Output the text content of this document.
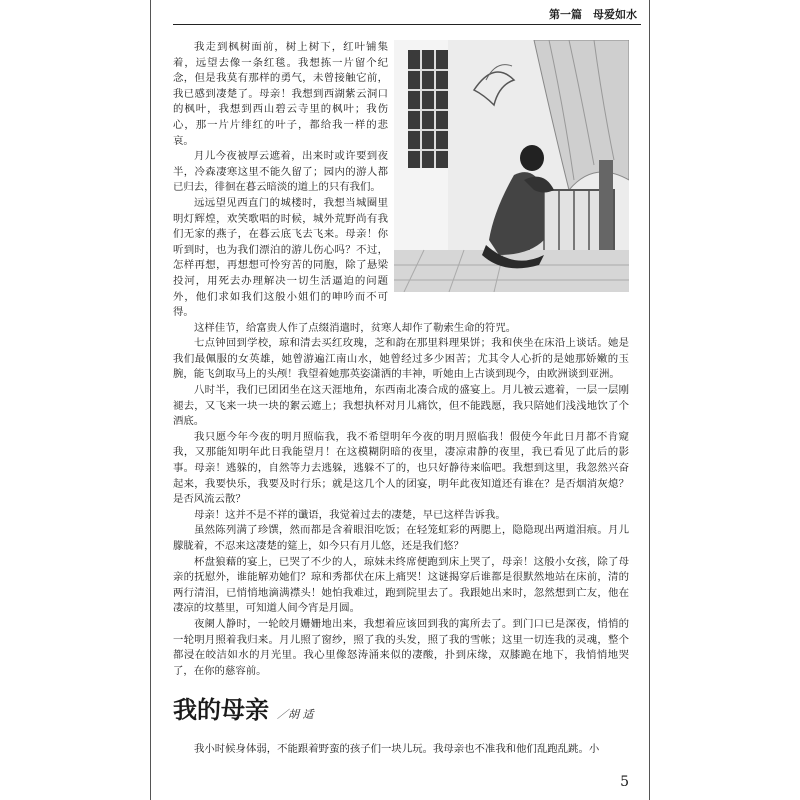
第一篇　母爱如水

我走到枫树面前，树上树下，红叶铺集着，远望去像一条红毯。我想拣一片留个纪念，但是我莫有那样的勇气，未曾接触它前，我已感到凄楚了。母亲！我想到西湖紫云洞口的枫叶，我想到西山碧云寺里的枫叶；我伤心，那一片片绯红的叶子，都给我一样的悲哀。

月儿今夜被厚云遮着，出来时或许要到夜半，冷森凄寒这里不能久留了；园内的游人都已归去，徘徊在暮云暗淡的道上的只有我们。

远远望见西直门的城楼时，我想当城圈里明灯辉煌，欢笑歌唱的时候，城外荒野尚有我们无家的燕子，在暮云底飞去飞来。母亲！你听到时，也为我们漂泊的游儿伤心吗？不过，怎样再想，再想想可怜穷苦的同胞，除了悬梁投河，用死去办理解决一切生活逼迫的问题外，他们求如我们这般小姐们的呻吟而不可得。

这样佳节，给富贵人作了点缀消遣时，贫寒人却作了勒索生命的符咒。

七点钟回到学校，琼和清去买红玫瑰，芝和韵在那里料理果饼；我和侠坐在床沿上谈话。她是我们最佩服的女英雄，她曾游遍江南山水，她曾经过多少困苦；尤其令人心折的是她那娇嫩的玉腕，能飞剑取马上的头颅！我望着她那英姿潇洒的丰神，听她由上古谈到现今，由欧洲谈到亚洲。

八时半，我们已团团坐在这天涯地角，东西南北凑合成的盛宴上。月儿被云遮着，一层一层刚褪去，又飞来一块一块的絮云遮上；我想执杯对月儿痛饮，但不能践愿，我只陪她们浅浅地饮了个酒底。

我只愿今年今夜的明月照临我，我不希望明年今夜的明月照临我！假使今年此日月都不肯窥我，又那能知明年此日我能望月！在这模糊阴暗的夜里，凄凉肃静的夜里，我已看见了此后的影事。母亲！逃躲的，自然等力去逃躲，逃躲不了的，也只好静待来临吧。我想到这里，我忽然兴奋起来，我要快乐，我要及时行乐；就是这几个人的团宴，明年此夜知道还有谁在？是否烟消灰熄？是否风流云散？

母亲！这并不是不祥的谶语，我觉着过去的凄楚，早已这样告诉我。

虽然陈列满了珍馔，然而都是含着眼泪吃饭；在轻笼虹彩的两腮上，隐隐现出两道泪痕。月儿朦胧着，不忍来这凄楚的筵上，如今只有月儿悠，还是我们悠？

杯盘狼藉的宴上，已哭了不少的人，琼妹未终席便跑到床上哭了，母亲！这般小女孩，除了母亲的抚慰外，谁能解劝她们？琼和秀都伏在床上痛哭！这谜揭穿后谁都是很默然地站在床前，清的两行清泪，已悄悄地滴满襟头！她怕我难过，跑到院里去了。我跟她出来时，忽然想到亡友，他在凄凉的坟墓里，可知道人间今宵是月圆。

夜阑人静时，一轮皎月姗姗地出来，我想着应该回到我的寓所去了。到门口已是深夜，悄悄的一轮明月照着我归来。月儿照了窗纱，照了我的头发，照了我的雪帐；这里一切连我的灵魂，整个都浸在皎洁如水的月光里。我心里像怒涛涌来似的凄酸，扑到床缘，双膝跪在地下，我悄悄地哭了，在你的慈容前。

我的母亲 ／胡 适

我小时候身体弱，不能跟着野蛮的孩子们一块儿玩。我母亲也不准我和他们乱跑乱跳。小

5
